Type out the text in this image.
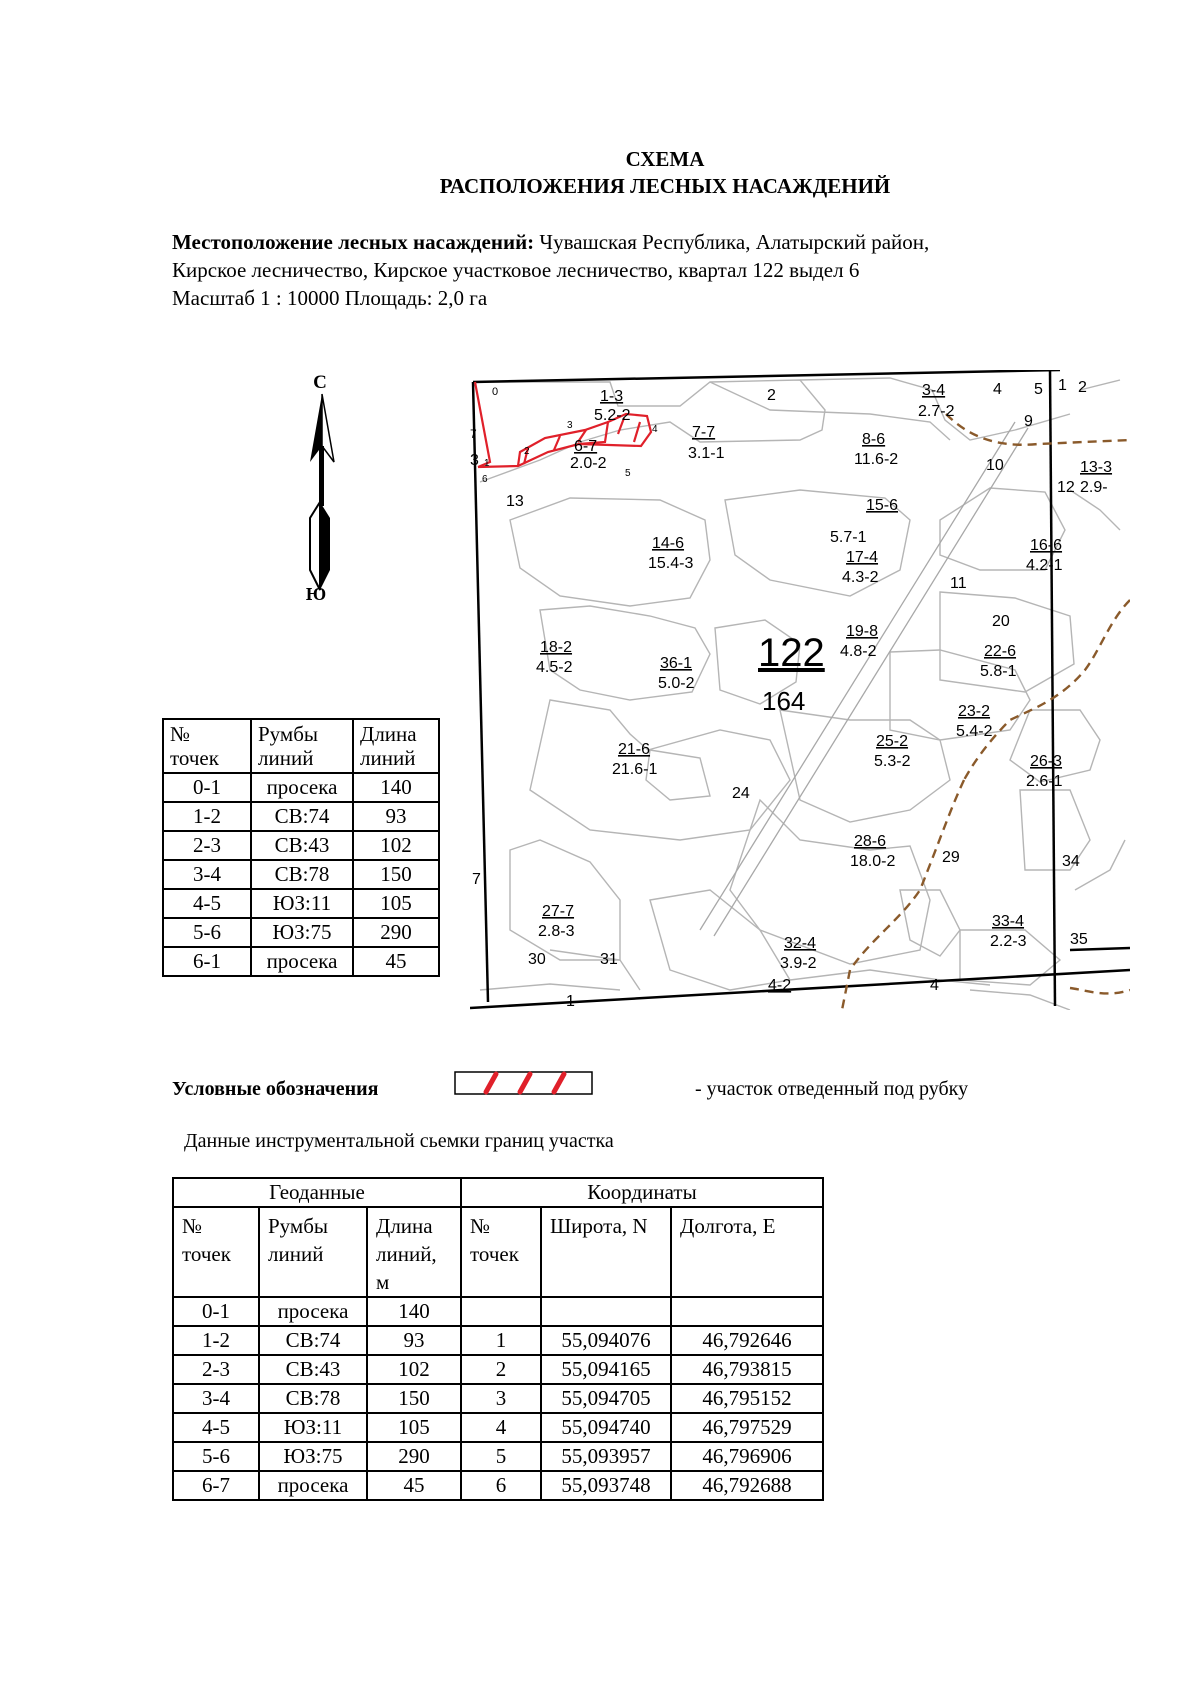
СХЕМА
РАСПОЛОЖЕНИЯ ЛЕСНЫХ НАСАЖДЕНИЙ
Местоположение лесных насаждений: Чувашская Республика, Алатырский район,
Кирское лесничество, Кирское участковое лесничество, квартал 122 выдел 6
Масштаб 1 : 10000 Площадь: 2,0 га
С
Ю
0	1-3
5.2-2
2	3-4
2.7-2
4 5 1 2
9
7-7
3.1-1
8-6
11.6-2	10	13-3
2.9-
12
6-7
2.0-2
1
2
3	4
5
6
7
3
13	15-6
14-6
15.4-3
5.7-1
17-4
4.3-2
16-6
4.2-1
11
20
18-2
4.5-2	36-1
5.0-2
19-8
4.8-2	22-6
5.8-1
23-2
5.4-2
21-6
21.6-1
25-2
5.3-2	26-3
2.6-1
24
28-6
18.0-2	29	34
7
27-7
2.8-3
33-4
2.2-3	35
30	31
32-4
3.9-2
4-2	4
1
122
164
№ точек	Румбы линий	Длина линий
0-1	просека	140
1-2	СВ:74	93
2-3	СВ:43	102
3-4	СВ:78	150
4-5	ЮЗ:11	105
5-6	ЮЗ:75	290
6-1	просека	45
Условные обозначения	- участок отведенный под рубку
Данные инструментальной сьемки границ участка
Геоданные			Координаты		
№ точек	Румбы линий	Длина линий, м	№ точек	Широта, N	Долгота, E
0-1	просека	140			
1-2	СВ:74	93	1	55,094076	46,792646
2-3	СВ:43	102	2	55,094165	46,793815
3-4	СВ:78	150	3	55,094705	46,795152
4-5	ЮЗ:11	105	4	55,094740	46,797529
5-6	ЮЗ:75	290	5	55,093957	46,796906
6-7	просека	45	6	55,093748	46,792688
